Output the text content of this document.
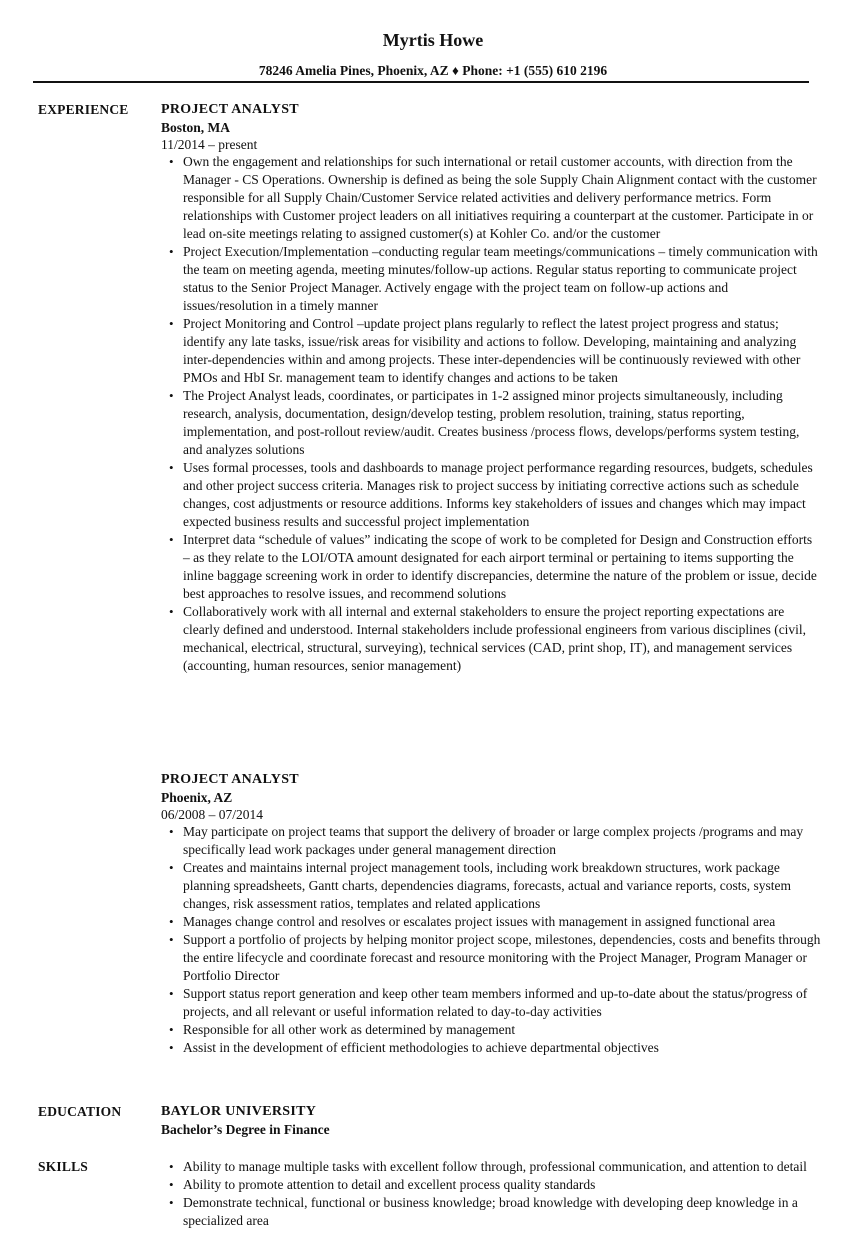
Myrtis Howe
78246 Amelia Pines, Phoenix, AZ ♦ Phone: +1 (555) 610 2196
EXPERIENCE PROJECT ANALYST
Boston, MA
11/2014 – present
• Own the engagement and relationships for such international or retail customer accounts, with direction from the Manager - CS Operations. Ownership is defined as being the sole Supply Chain Alignment contact with the customer responsible for all Supply Chain/Customer Service related activities and delivery performance metrics. Form relationships with Customer project leaders on all initiatives requiring a counterpart at the customer. Participate in or lead on-site meetings relating to assigned customer(s) at Kohler Co. and/or the customer
• Project Execution/Implementation –conducting regular team meetings/communications – timely communication with the team on meeting agenda, meeting minutes/follow-up actions. Regular status reporting to communicate project status to the Senior Project Manager. Actively engage with the project team on follow-up actions and issues/resolution in a timely manner
• Project Monitoring and Control –update project plans regularly to reflect the latest project progress and status; identify any late tasks, issue/risk areas for visibility and actions to follow. Developing, maintaining and analyzing inter-dependencies within and among projects. These inter-dependencies will be continuously reviewed with other PMOs and HbI Sr. management team to identify changes and actions to be taken
• The Project Analyst leads, coordinates, or participates in 1-2 assigned minor projects simultaneously, including research, analysis, documentation, design/develop testing, problem resolution, training, status reporting, implementation, and post-rollout review/audit. Creates business /process flows, develops/performs system testing, and analyzes solutions
• Uses formal processes, tools and dashboards to manage project performance regarding resources, budgets, schedules and other project success criteria. Manages risk to project success by initiating corrective actions such as schedule changes, cost adjustments or resource additions. Informs key stakeholders of issues and changes which may impact expected business results and successful project implementation
• Interpret data “schedule of values” indicating the scope of work to be completed for Design and Construction efforts – as they relate to the LOI/OTA amount designated for each airport terminal or pertaining to items supporting the inline baggage screening work in order to identify discrepancies, determine the nature of the problem or issue, decide best approaches to resolve issues, and recommend solutions
• Collaboratively work with all internal and external stakeholders to ensure the project reporting expectations are clearly defined and understood. Internal stakeholders include professional engineers from various disciplines (civil, mechanical, electrical, structural, surveying), technical services (CAD, print shop, IT), and management services (accounting, human resources, senior management)
PROJECT ANALYST
Phoenix, AZ
06/2008 – 07/2014
• May participate on project teams that support the delivery of broader or large complex projects /programs and may specifically lead work packages under general management direction
• Creates and maintains internal project management tools, including work breakdown structures, work package planning spreadsheets, Gantt charts, dependencies diagrams, forecasts, actual and variance reports, costs, system changes, risk assessment ratios, templates and related applications
• Manages change control and resolves or escalates project issues with management in assigned functional area
• Support a portfolio of projects by helping monitor project scope, milestones, dependencies, costs and benefits through the entire lifecycle and coordinate forecast and resource monitoring with the Project Manager, Program Manager or Portfolio Director
• Support status report generation and keep other team members informed and up-to-date about the status/progress of projects, and all relevant or useful information related to day-to-day activities
• Responsible for all other work as determined by management
• Assist in the development of efficient methodologies to achieve departmental objectives
EDUCATION	BAYLOR UNIVERSITY
Bachelor’s Degree in Finance
SKILLS
•	Ability to manage multiple tasks with excellent follow through, professional communication, and attention to detail
• Ability to promote attention to detail and excellent process quality standards
• Demonstrate technical, functional or business knowledge; broad knowledge with developing deep knowledge in a specialized area
